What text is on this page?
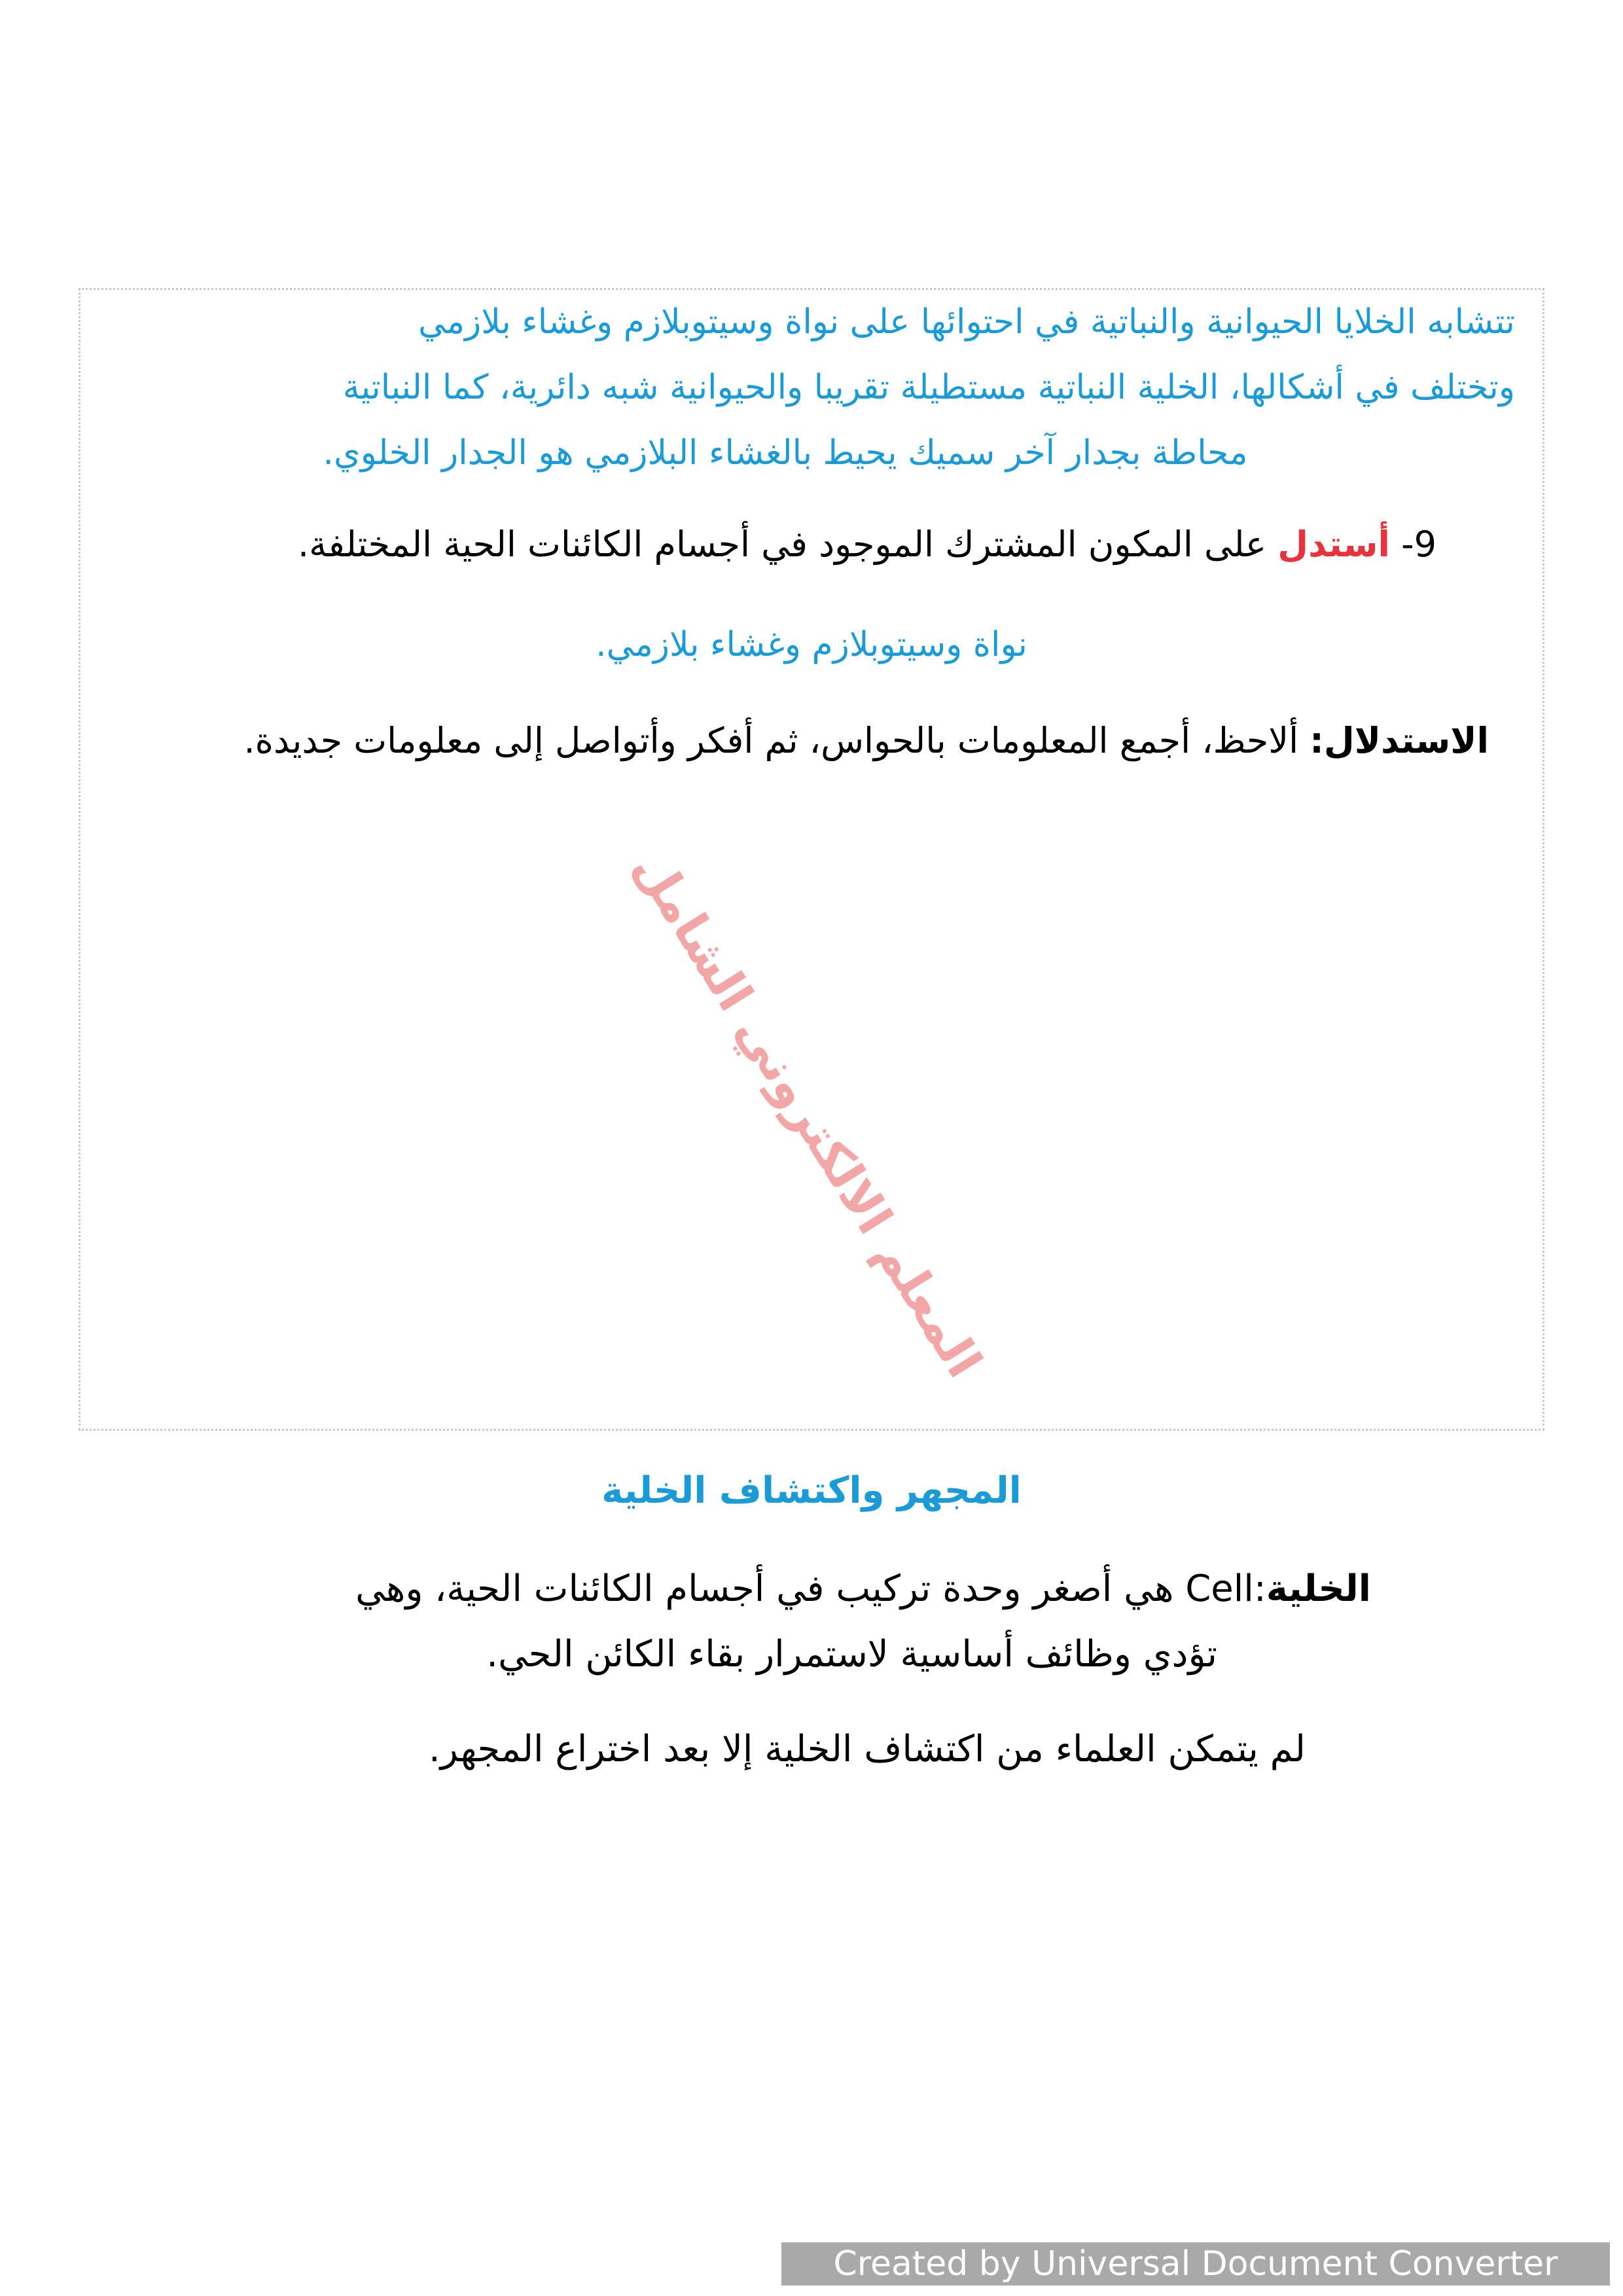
تتشابه الخلايا الحيوانية والنباتية في احتوائها على نواة وسيتوبلازم وغشاء بلازمي
وتختلف في أشكالها، الخلية النباتية مستطيلة تقريبا والحيوانية شبه دائرية، كما النباتية
محاطة بجدار آخر سميك يحيط بالغشاء البلازمي هو الجدار الخلوي.
9- أستدل على المكون المشترك الموجود في أجسام الكائنات الحية المختلفة.
نواة وسيتوبلازم وغشاء بلازمي.
الاستدلال: ألاحظ، أجمع المعلومات بالحواس، ثم أفكر وأتواصل إلى معلومات جديدة.
المعلم الالكتروني الشامل
المجهر واكتشاف الخلية
الخليةCell: هي أصغر وحدة تركيب في أجسام الكائنات الحية، وهي
تؤدي وظائف أساسية لاستمرار بقاء الكائن الحي.
لم يتمكن العلماء من اكتشاف الخلية إلا بعد اختراع المجهر.
Created by Universal Document Converter
